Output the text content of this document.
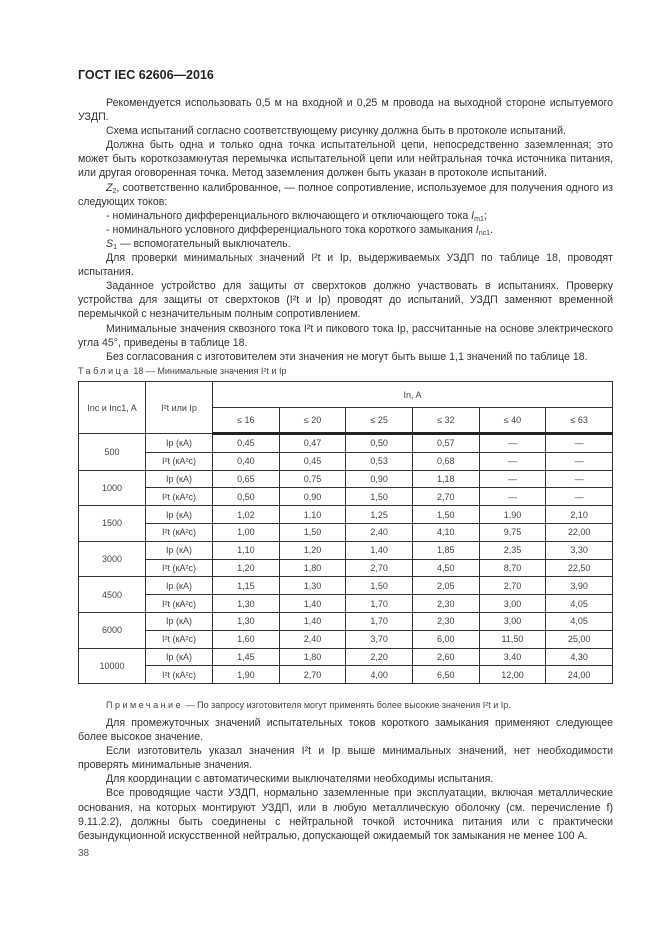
ГОСТ IEC 62606—2016

Рекомендуется использовать 0,5 м на входной и 0,25 м провода на выходной стороне испытуемого УЗДП.

Схема испытаний согласно соответствующему рисунку должна быть в протоколе испытаний.

Должна быть одна и только одна точка испытательной цепи, непосредственно заземленная; это может быть короткозамкнутая перемычка испытательной цепи или нейтральная точка источника питания, или другая оговоренная точка. Метод заземления должен быть указан в протоколе испытаний.

$Z_2$, соответственно калиброванное, — полное сопротивление, используемое для получения одного из следующих токов:

- номинального дифференциального включающего и отключающего тока $I_{m1}$;

- номинального условного дифференциального тока короткого замыкания $I_{nc1}$.

$S_1$ — вспомогательный выключатель.

Для проверки минимальных значений I²t и Ip, выдерживаемых УЗДП по таблице 18, проводят испытания.

Заданное устройство для защиты от сверхтоков должно участвовать в испытаниях. Проверку устройства для защиты от сверхтоков (I²t и Ip) проводят до испытаний, УЗДП заменяют временной перемычкой с незначительным полным сопротивлением.

Минимальные значения сквозного тока I²t и пикового тока Ip, рассчитанные на основе электрического угла 45°, приведены в таблице 18.

Без согласования с изготовителем эти значения не могут быть выше 1,1 значений по таблице 18.

Таблица 18 — Минимальные значения I²t и Ip
Inc и Inc1, A	I²t или Ip	In, A					
		≤ 16	≤ 20	≤ 25	≤ 32	≤ 40	≤ 63
500	Ip (кА)	0,45	0,47	0,50	0,57	—	—
	I²t (кА²с)	0,40	0,45	0,53	0,68	—	—
1000	Ip (кА)	0,65	0,75	0,90	1,18	—	—
	I²t (кА²с)	0,50	0,90	1,50	2,70	—	—
1500	Ip (кА)	1,02	1,10	1,25	1,50	1,90	2,10
	I²t (кА²с)	1,00	1,50	2,40	4,10	9,75	22,00
3000	Ip (кА)	1,10	1,20	1,40	1,85	2,35	3,30
	I²t (кА²с)	1,20	1,80	2,70	4,50	8,70	22,50
4500	Ip (кА)	1,15	1,30	1,50	2,05	2,70	3,90
	I²t (кА²с)	1,30	1,40	1,70	2,30	3,00	4,05
6000	Ip (кА)	1,30	1,40	1,70	2,30	3,00	4,05
	I²t (кА²с)	1,60	2,40	3,70	6,00	11,50	25,00
10000	Ip (кА)	1,45	1,80	2,20	2,60	3,40	4,30
	I²t (кА²с)	1,90	2,70	4,00	6,50	12,00	24,00
Примечание — По запросу изготовителя могут применять более высокие значения I²t и Ip.

Для промежуточных значений испытательных токов короткого замыкания применяют следующее более высокое значение.

Если изготовитель указал значения I²t и Ip выше минимальных значений, нет необходимости проверять минимальные значения.

Для координации с автоматическими выключателями необходимы испытания.

Все проводящие части УЗДП, нормально заземленные при эксплуатации, включая металлические основания, на которых монтируют УЗДП, или в любую металлическую оболочку (см. перечисление f) 9.11.2.2), должны быть соединены с нейтральной точкой источника питания или с практически безындукционной искусственной нейтралью, допускающей ожидаемый ток замыкания не менее 100 А.

38
